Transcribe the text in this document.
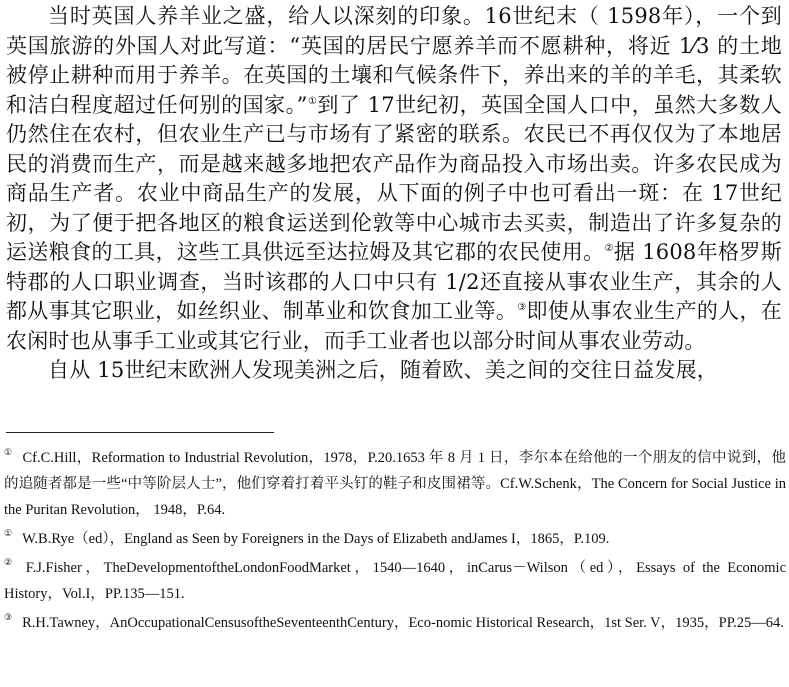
当时英国人养羊业之盛，给人以深刻的印象。16世纪末（ 1598年），一个到英国旅游的外国人对此写道：“英国的居民宁愿养羊而不愿耕种，将近 1⁄3 的土地被停止耕种而用于养羊。在英国的土壤和气候条件下，养出来的羊的羊毛，其柔软和洁白程度超过任何别的国家。”①到了 17世纪初，英国全国人口中，虽然大多数人仍然住在农村，但农业生产已与市场有了紧密的联系。农民已不再仅仅为了本地居民的消费而生产，而是越来越多地把农产品作为商品投入市场出卖。许多农民成为商品生产者。农业中商品生产的发展，从下面的例子中也可看出一斑：在 17世纪初，为了便于把各地区的粮食运送到伦敦等中心城市去买卖，制造出了许多复杂的运送粮食的工具，这些工具供远至达拉姆及其它郡的农民使用。②据 1608年格罗斯特郡的人口职业调查，当时该郡的人口中只有 1/2还直接从事农业生产，其余的人都从事其它职业，如丝织业、制革业和饮食加工业等。③即使从事农业生产的人，在农闲时也从事手工业或其它行业，而手工业者也以部分时间从事农业劳动。

自从 15世纪末欧洲人发现美洲之后，随着欧、美之间的交往日益发展，

① Cf.C.Hill，Reformation to Industrial Revolution，1978，P.20.1653 年 8 月 1 日，李尔本在给他的一个朋友的信中说到，他的追随者都是一些“中等阶层人士”，他们穿着打着平头钉的鞋子和皮围裙等。Cf.W.Schenk，The Concern for Social Justice in the Puritan Revolution， 1948，P.64.
① W.B.Rye（ed），England as Seen by Foreigners in the Days of Elizabeth andJames I，1865，P.109.
② F.J.Fisher，TheDevelopmentoftheLondonFoodMarket，1540—1640，inCarus－Wilson（ed），Essays of the Economic History，Vol.I，PP.135—151.
③ R.H.Tawney，AnOccupationalCensusoftheSeventeenthCentury，Eco-nomic Historical Research，1st Ser. V，1935，PP.25—64.
